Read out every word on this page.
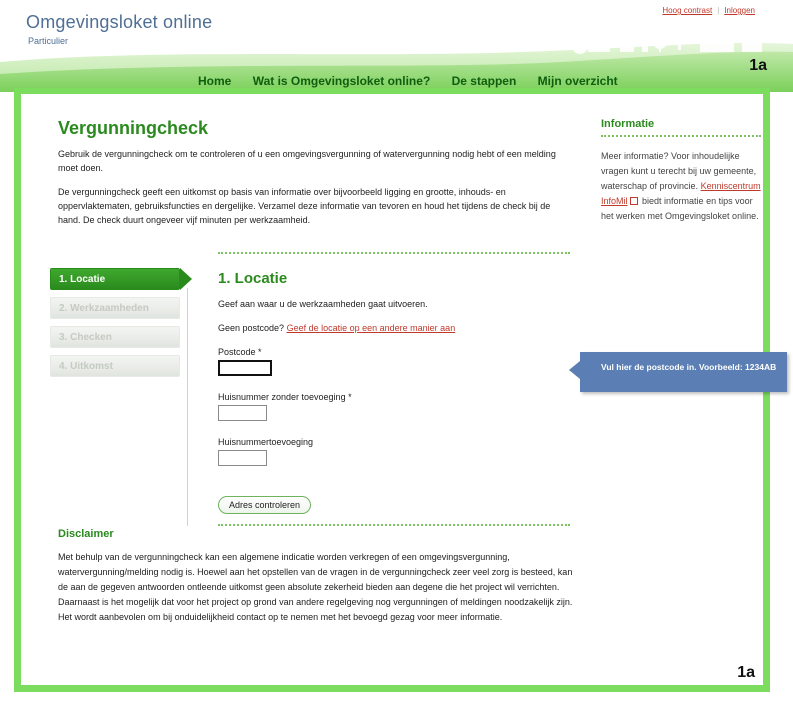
Omgevingsloket online
Particulier
Hoog contrast | Inloggen
Home Wat is Omgevingsloket online? De stappen Mijn overzicht
1a
Vergunningcheck

Gebruik de vergunningcheck om te controleren of u een omgevingsvergunning of watervergunning nodig hebt of een melding moet doen.

De vergunningcheck geeft een uitkomst op basis van informatie over bijvoorbeeld ligging en grootte, inhouds- en oppervlaktematen, gebruiksfuncties en dergelijke. Verzamel deze informatie van tevoren en houd het tijdens de check bij de hand. De check duurt ongeveer vijf minuten per werkzaamheid.

Informatie
Meer informatie? Voor inhoudelijke vragen kunt u terecht bij uw gemeente, waterschap of provincie. Kenniscentrum InfoMil biedt informatie en tips voor het werken met Omgevingsloket online.
1. Locatie
2. Werkzaamheden
3. Checken
4. Uitkomst
1. Locatie
Geef aan waar u de werkzaamheden gaat uitvoeren.
Geen postcode? Geef de locatie op een andere manier aan
Postcode *
Huisnummer zonder toevoeging *
Huisnummertoevoeging
Adres controleren
Vul hier de postcode in. Voorbeeld: 1234AB
Disclaimer
Met behulp van de vergunningcheck kan een algemene indicatie worden verkregen of een omgevingsvergunning, watervergunning/melding nodig is. Hoewel aan het opstellen van de vragen in de vergunningcheck zeer veel zorg is besteed, kan de aan de gegeven antwoorden ontleende uitkomst geen absolute zekerheid bieden aan degene die het project wil verrichten. Daarnaast is het mogelijk dat voor het project op grond van andere regelgeving nog vergunningen of meldingen noodzakelijk zijn. Het wordt aanbevolen om bij onduidelijkheid contact op te nemen met het bevoegd gezag voor meer informatie.
1a
